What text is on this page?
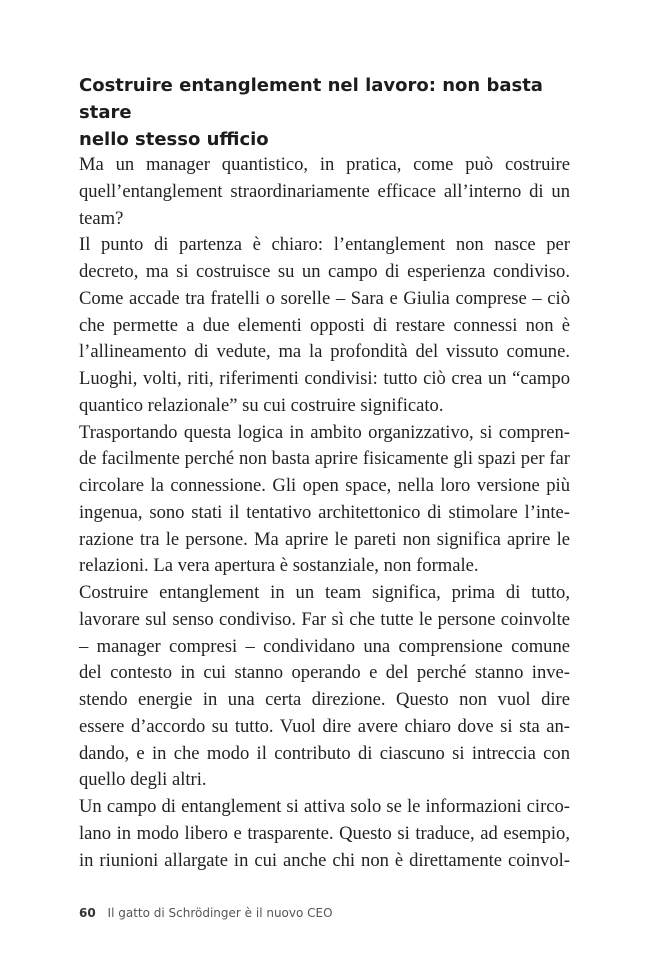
Costruire entanglement nel lavoro: non basta stare
nello stesso ufficio
Ma un manager quantistico, in pratica, come può costruire
quell’entanglement straordinariamente efficace all’interno di un
team?
Il punto di partenza è chiaro: l’entanglement non nasce per
decreto, ma si costruisce su un campo di esperienza condiviso.
Come accade tra fratelli o sorelle – Sara e Giulia comprese – ciò
che permette a due elementi opposti di restare connessi non è
l’allineamento di vedute, ma la profondità del vissuto comune.
Luoghi, volti, riti, riferimenti condivisi: tutto ciò crea un “campo
quantico relazionale” su cui costruire significato.
Trasportando questa logica in ambito organizzativo, si compren-
de facilmente perché non basta aprire fisicamente gli spazi per far
circolare la connessione. Gli open space, nella loro versione più
ingenua, sono stati il tentativo architettonico di stimolare l’inte-
razione tra le persone. Ma aprire le pareti non significa aprire le
relazioni. La vera apertura è sostanziale, non formale.
Costruire entanglement in un team significa, prima di tutto,
lavorare sul senso condiviso. Far sì che tutte le persone coinvolte
– manager compresi – condividano una comprensione comune
del contesto in cui stanno operando e del perché stanno inve-
stendo energie in una certa direzione. Questo non vuol dire
essere d’accordo su tutto. Vuol dire avere chiaro dove si sta an-
dando, e in che modo il contributo di ciascuno si intreccia con
quello degli altri.
Un campo di entanglement si attiva solo se le informazioni circo-
lano in modo libero e trasparente. Questo si traduce, ad esempio,
in riunioni allargate in cui anche chi non è direttamente coinvol-
60 Il gatto di Schrödinger è il nuovo CEO
